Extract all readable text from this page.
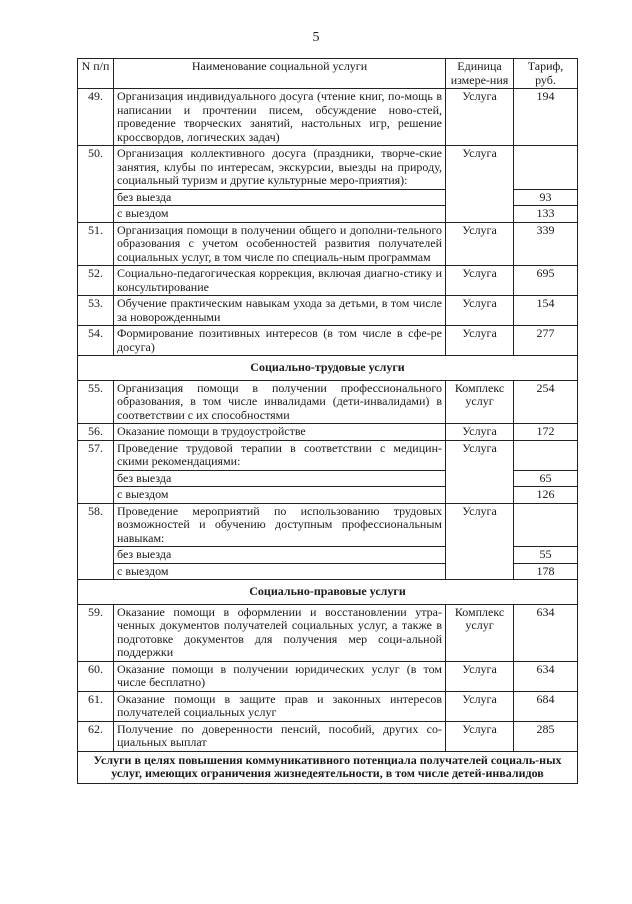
5
N п/п	Наименование социальной услуги	Единица измере-ния	Тариф, руб.
49.	Организация индивидуального досуга (чтение книг, по-мощь в написании и прочтении писем, обсуждение ново-стей, проведение творческих занятий, настольных игр, решение кроссвордов, логических задач)	Услуга	194
50.	Организация коллективного досуга (праздники, творче-ские занятия, клубы по интересам, экскурсии, выезды на природу, социальный туризм и другие культурные меро-приятия):	Услуга	
	без выезда		93
	с выездом		133
51.	Организация помощи в получении общего и дополни-тельного образования с учетом особенностей развития получателей социальных услуг, в том числе по специаль-ным программам	Услуга	339
52.	Социально-педагогическая коррекция, включая диагно-стику и консультирование	Услуга	695
53.	Обучение практическим навыкам ухода за детьми, в том числе за новорожденными	Услуга	154
54.	Формирование позитивных интересов (в том числе в сфе-ре досуга)	Услуга	277
Социально-трудовые услуги			
55.	Организация помощи в получении профессионального образования, в том числе инвалидами (дети-инвалидами) в соответствии с их способностями	Комплекс услуг	254
56.	Оказание помощи в трудоустройстве	Услуга	172
57.	Проведение трудовой терапии в соответствии с медицин-скими рекомендациями:	Услуга	
	без выезда		65
	с выездом		126
58.	Проведение мероприятий по использованию трудовых возможностей и обучению доступным профессиональным навыкам:	Услуга	
	без выезда		55
	с выездом		178
Социально-правовые услуги			
59.	Оказание помощи в оформлении и восстановлении утра-ченных документов получателей социальных услуг, а также в подготовке документов для получения мер соци-альной поддержки	Комплекс услуг	634
60.	Оказание помощи в получении юридических услуг (в том числе бесплатно)	Услуга	634
61.	Оказание помощи в защите прав и законных интересов получателей социальных услуг	Услуга	684
62.	Получение по доверенности пенсий, пособий, других со-циальных выплат	Услуга	285
Услуги в целях повышения коммуникативного потенциала получателей социаль-ных услуг, имеющих ограничения жизнедеятельности, в том числе детей-инвалидов			
